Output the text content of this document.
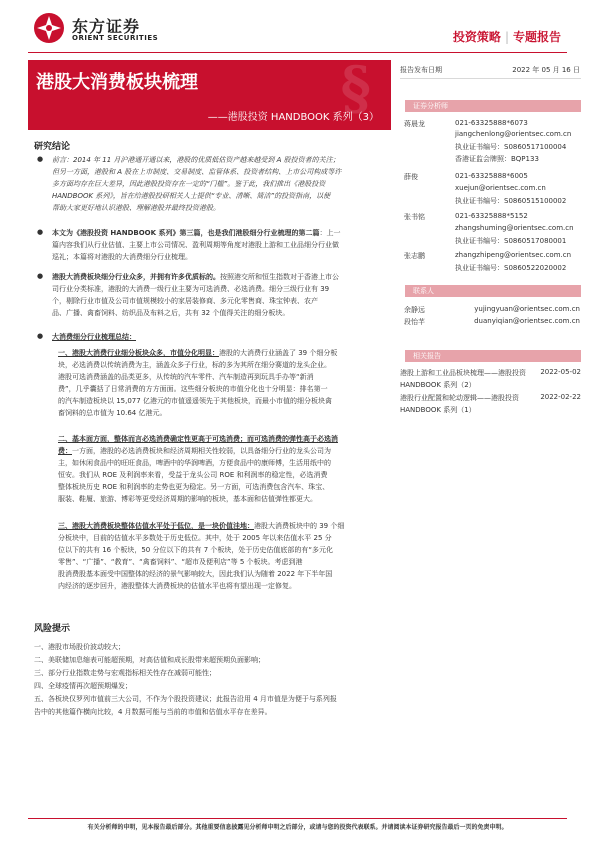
东方证券
ORIENT SECURITIES	投资策略 | 专题报告
§
港股大消费板块梳理
——港股投资 HANDBOOK 系列（3）
报告发布日期	2022 年 05 月 16 日
证券分析师
蒋晨龙	021-63325888*6073
jiangchenlong@orientsec.com.cn
执业证书编号：S0860517100004
香港证监会牌照：BQP133
薛俊	021-63325888*6005
xuejun@orientsec.com.cn
执业证书编号：S0860515100002
张书铭	021-63325888*5152
zhangshuming@orientsec.com.cn
执业证书编号：S0860517080001
张志鹏	zhangzhipeng@orientsec.com.cn
执业证书编号：S0860522020002
联系人
余静远	yujingyuan@orientsec.com.cn
段怡芊	duanyiqian@orientsec.com.cn
相关报告
港股上游和工业品板块梳理——港股投资 2022-05-02
HANDBOOK 系列（2）
港股行业配置和轮动逻辑——港股投资	2022-02-22
HANDBOOK 系列（1）
研究结论
● 前言：2014 年 11 月沪港通开通以来，港股的优质低估资产越来越受到 A 股投资者的关注；
但另一方面，港股和 A 股在上市制度、交易制度、监管体系、投资者结构、上市公司构成等许
多方面均存在巨大差异，因此港股投资存在一定的“门槛”。鉴于此，我们推出《港股投资
HANDBOOK 系列》，旨在给港股投研相关人士提供“专业、清晰、简洁”的投资指南，以便
帮助大家更好地认识港股、理解港股并最终投资港股。
● 本文为《港股投资 HANDBOOK 系列》第三篇，也是我们港股细分行业梳理的第二篇：上一
篇内容我们从行业估值、主要上市公司情况、盈利周期等角度对港股上游和工业品细分行业做
巡礼；本篇将对港股的大消费细分行业梳理。
● 港股大消费板块细分行业众多，并拥有许多优质标的。按照港交所和恒生指数对于香港上市公
司行业分类标准，港股的大消费一级行业主要为可选消费、必选消费。细分三级行业有 39
个，剔除行业市值及公司市值规模较小的家居装修商、多元化零售商、珠宝钟表、农产
品、广播、禽畜饲料、纺织品及布料之后，共有 32 个值得关注的细分板块。
● 大消费细分行业梳理总结：
一、港股大消费行业细分板块众多，市值分化明显：港股的大消费行业涵盖了 39 个细分板
块，必选消费以传统消费为主，涵盖众多子行业，标的多为其所在细分赛道的龙头企业。
港股可选消费涵盖的品类更多，从传统的汽车零件、汽车制造再到玩具手办等“新消
费”，几乎囊括了日常消费的方方面面。这些细分板块的市值分化也十分明显：排名第一
的汽车制造板块以 15,077 亿港元的市值遥遥领先于其他板块，而最小市值的细分板块禽
畜饲料的总市值为 10.64 亿港元。
二、基本面方面，整体而言必选消费确定性更高于可选消费；而可选消费的弹性高于必选消
费：一方面，港股的必选消费板块和经济周期相关性较弱，以具备细分行业的龙头公司为
主，如休闲食品中的旺旺食品，啤酒中的华润啤酒，方便食品中的康师傅，生活用纸中的
恒安。我们从 ROE 及利润率来看，受益于龙头公司 ROE 和利润率的稳定性，必选消费
整体板块历史 ROE 和利润率的走势也更为稳定。另一方面，可选消费包含汽车、珠宝、
服装、鞋履、旅游、博彩等更受经济周期的影响的板块，基本面和估值弹性都更大。
三、港股大消费板块整体估值水平处于低位，是一块价值洼地：港股大消费板块中的 39 个细
分板块中，目前的估值水平多数处于历史低位。其中，处于 2005 年以来估值水平 25 分
位以下的共有 16 个板块，50 分位以下的共有 7 个板块，处于历史估值底部的有“多元化
零售”、“广播”、“教育”、“禽畜饲料”、“超市及便利店”等 5 个板块。考虑到港
股消费股基本面受中国整体的经济的景气影响较大，因此我们认为随着 2022 年下半年国
内经济的逐步回升，港股整体大消费板块的估值水平也将有望出现一定修复。
风险提示
一、港股市场股价波动较大；
二、美联储加息缩表可能超预期，对高估值和成长股带来超预期负面影响；
三、部分行业指数走势与宏观指标相关性存在减弱可能性；
四、全球疫情再次超预期爆发；
五、各板块仅罗列市值前三大公司，不作为个股投资建议；此报告沿用 4 月市值是为便于与系列报
告中的其他篇作横向比较，4 月数据可能与当前的市值和估值水平存在差异。
有关分析师的申明，见本报告最后部分。其他重要信息披露见分析师申明之后部分，或请与您的投资代表联系。并请阅读本证券研究报告最后一页的免责申明。
